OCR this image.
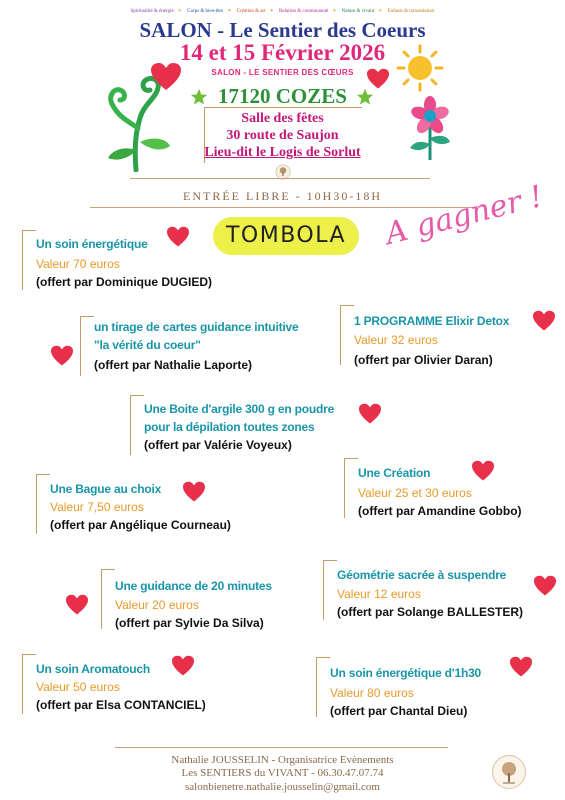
Spiritualité & énergie ✦ Corps & bien-être ✦ Création & art ✦ Relation & communauté ✦ Nature & vivant ✦ Enfants & transmission
SALON - Le Sentier des Coeurs
14 et 15 Février 2026
SALON - LE SENTIER DES CŒURS
17120 COZES
Salle des fêtes
30 route de Saujon
Lieu-dit le Logis de Sorlut
ENTRÉE LIBRE - 10H30-18H
TOMBOLA	A gagner !
Un soin énergétique
Valeur 70 euros
(offert par Dominique DUGIED)
un tirage de cartes guidance intuitive
"la vérité du coeur"
(offert par Nathalie Laporte)
1 PROGRAMME Elixir Detox
Valeur 32 euros
(offert par Olivier Daran)
Une Boite d'argile 300 g en poudre
pour la dépilation toutes zones
(offert par Valérie Voyeux)
Une Bague au choix
Valeur 7,50 euros
(offert par Angélique Courneau)
Une Création
Valeur 25 et 30 euros
(offert par Amandine Gobbo)
Une guidance de 20 minutes
Valeur 20 euros
(offert par Sylvie Da Silva)
Géométrie sacrée à suspendre
Valeur 12 euros
(offert par Solange BALLESTER)
Un soin Aromatouch
Valeur 50 euros
(offert par Elsa CONTANCIEL)
Un soin énergétique d'1h30
Valeur 80 euros
(offert par Chantal Dieu)
Nathalie JOUSSELIN - Organisatrice Evènements
Les SENTIERS du VIVANT - 06.30.47.07.74
salonbienetre.nathalie.jousselin@gmail.com
